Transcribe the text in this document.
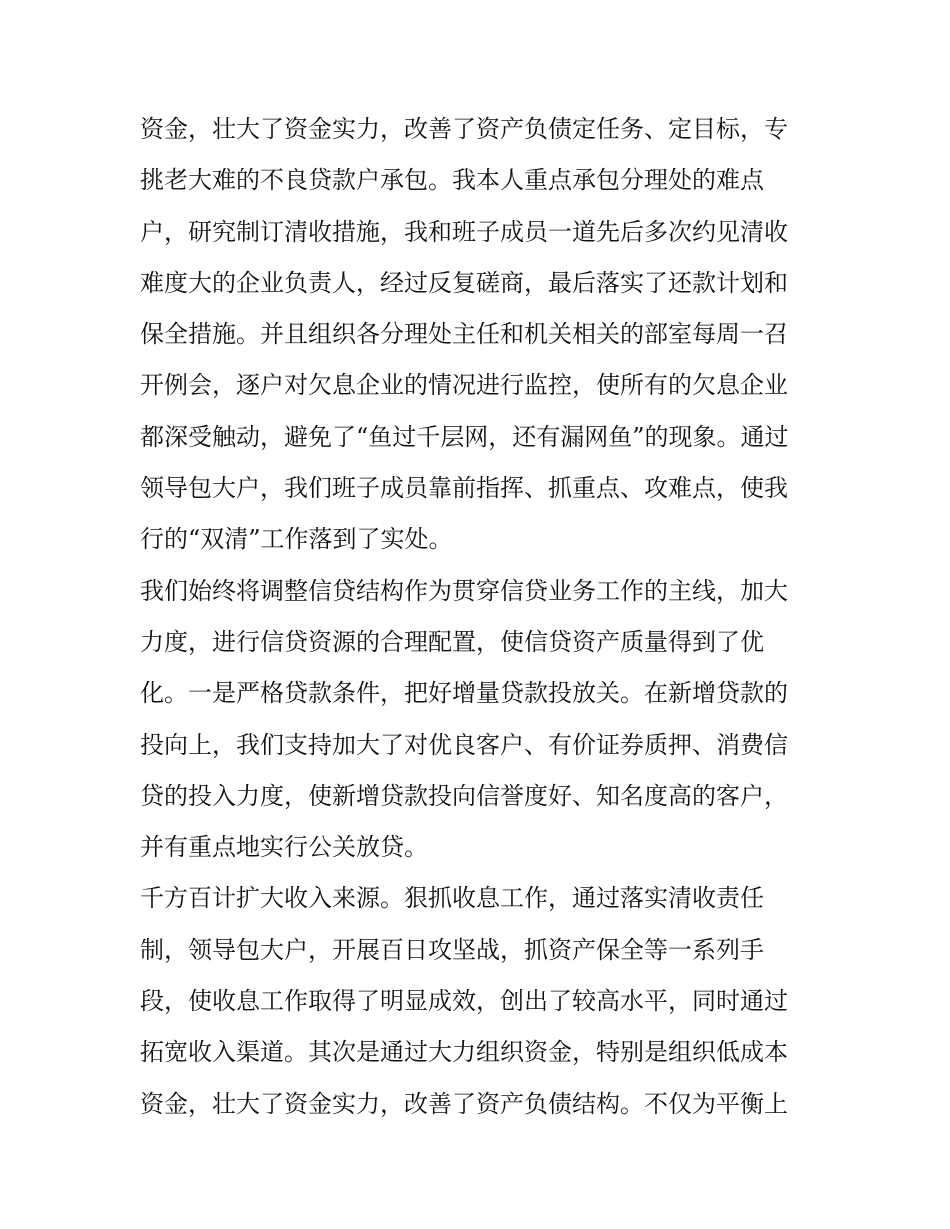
资金，壮大了资金实力，改善了资产负债定任务、定目标，专
挑老大难的不良贷款户承包。我本人重点承包分理处的难点
户，研究制订清收措施，我和班子成员一道先后多次约见清收
难度大的企业负责人，经过反复磋商，最后落实了还款计划和
保全措施。并且组织各分理处主任和机关相关的部室每周一召
开例会，逐户对欠息企业的情况进行监控，使所有的欠息企业
都深受触动，避免了“鱼过千层网，还有漏网鱼”的现象。通过
领导包大户，我们班子成员靠前指挥、抓重点、攻难点，使我
行的“双清”工作落到了实处。
我们始终将调整信贷结构作为贯穿信贷业务工作的主线，加大
力度，进行信贷资源的合理配置，使信贷资产质量得到了优
化。一是严格贷款条件，把好增量贷款投放关。在新增贷款的
投向上，我们支持加大了对优良客户、有价证券质押、消费信
贷的投入力度，使新增贷款投向信誉度好、知名度高的客户，
并有重点地实行公关放贷。
千方百计扩大收入来源。狠抓收息工作，通过落实清收责任
制，领导包大户，开展百日攻坚战，抓资产保全等一系列手
段，使收息工作取得了明显成效，创出了较高水平，同时通过
拓宽收入渠道。其次是通过大力组织资金，特别是组织低成本
资金，壮大了资金实力，改善了资产负债结构。不仅为平衡上
